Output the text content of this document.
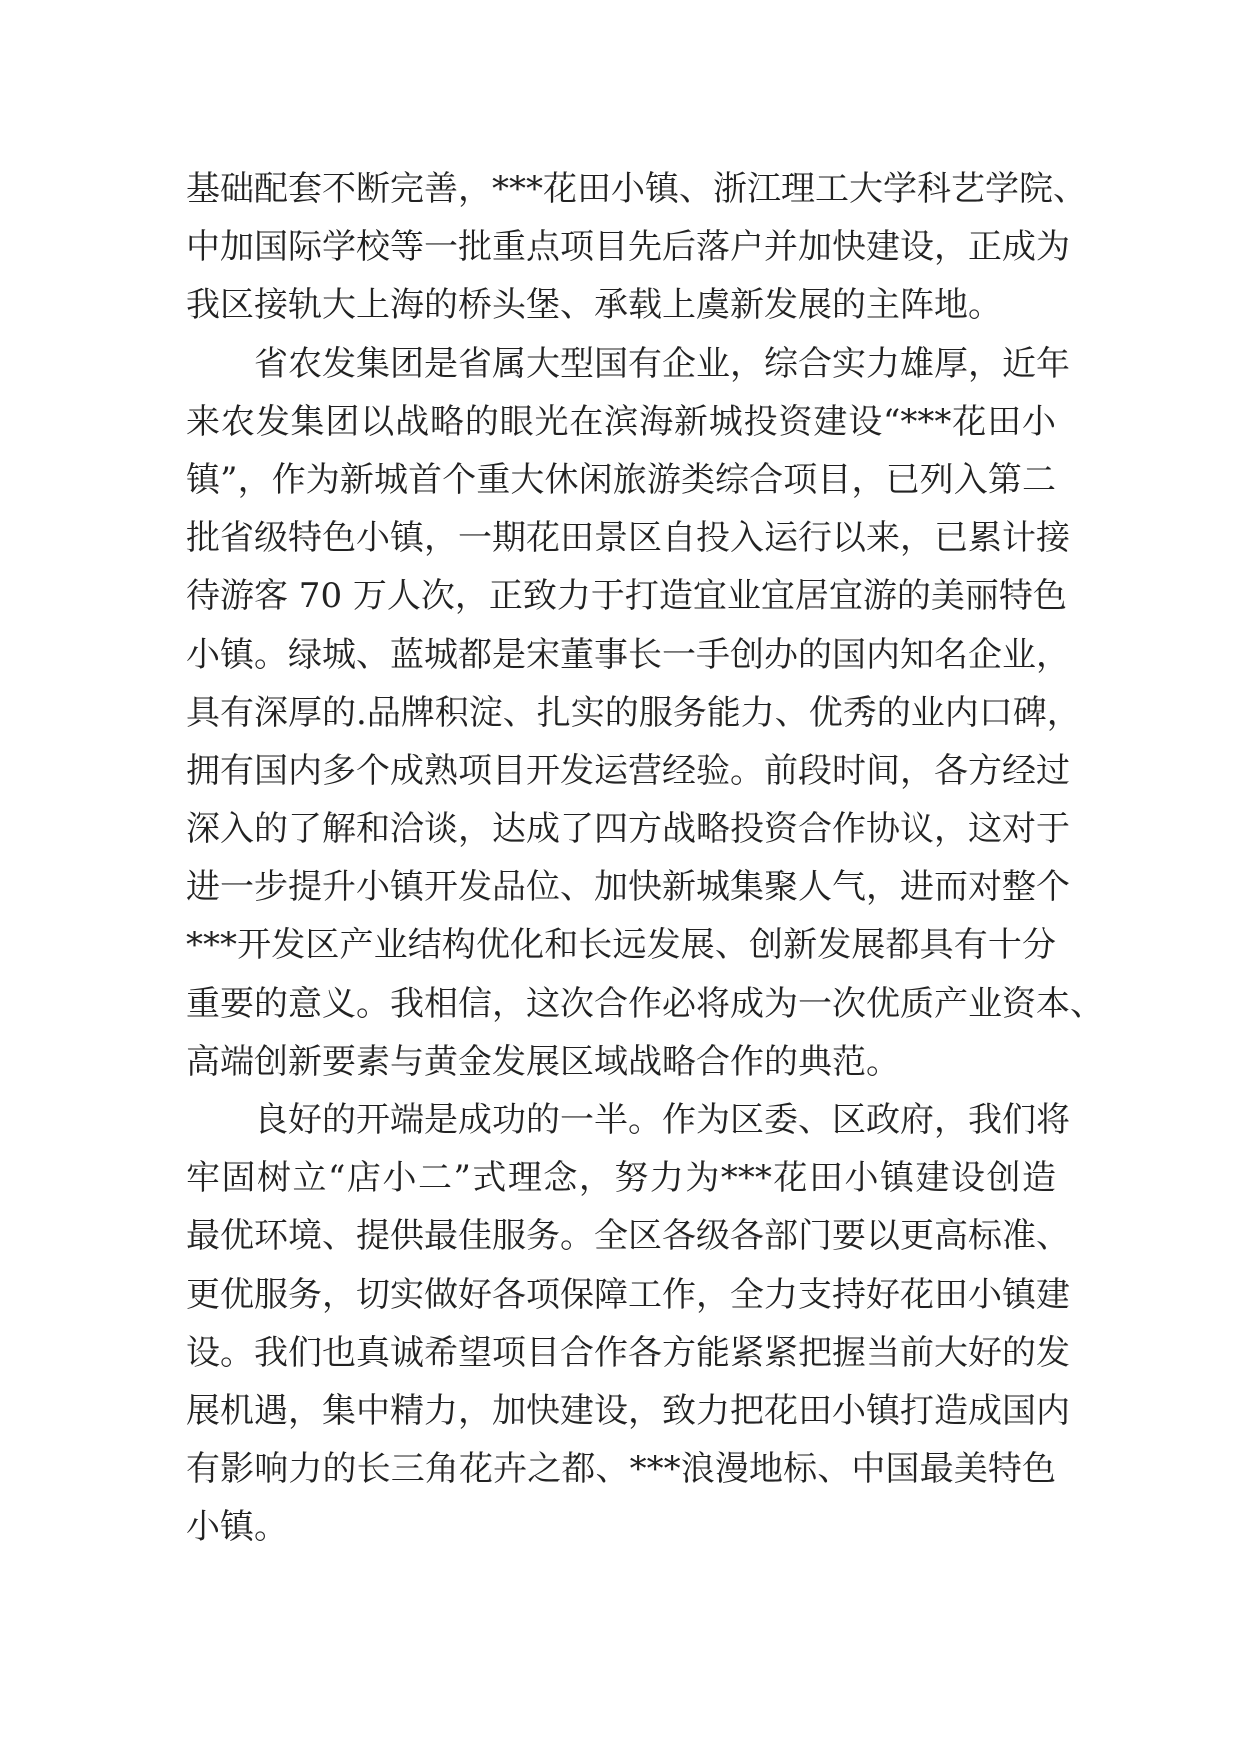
基础配套不断完善，***花田小镇、浙江理工大学科艺学院、
中加国际学校等一批重点项目先后落户并加快建设，正成为
我区接轨大上海的桥头堡、承载上虞新发展的主阵地。
　　省农发集团是省属大型国有企业，综合实力雄厚，近年
来农发集团以战略的眼光在滨海新城投资建设“***花田小
镇”，作为新城首个重大休闲旅游类综合项目，已列入第二
批省级特色小镇，一期花田景区自投入运行以来，已累计接
待游客 70 万人次，正致力于打造宜业宜居宜游的美丽特色
小镇。绿城、蓝城都是宋董事长一手创办的国内知名企业，
具有深厚的.品牌积淀、扎实的服务能力、优秀的业内口碑，
拥有国内多个成熟项目开发运营经验。前段时间，各方经过
深入的了解和洽谈，达成了四方战略投资合作协议，这对于
进一步提升小镇开发品位、加快新城集聚人气，进而对整个
***开发区产业结构优化和长远发展、创新发展都具有十分
重要的意义。我相信，这次合作必将成为一次优质产业资本、
高端创新要素与黄金发展区域战略合作的典范。
　　良好的开端是成功的一半。作为区委、区政府，我们将
牢固树立“店小二”式理念，努力为***花田小镇建设创造
最优环境、提供最佳服务。全区各级各部门要以更高标准、
更优服务，切实做好各项保障工作，全力支持好花田小镇建
设。我们也真诚希望项目合作各方能紧紧把握当前大好的发
展机遇，集中精力，加快建设，致力把花田小镇打造成国内
有影响力的长三角花卉之都、***浪漫地标、中国最美特色
小镇。
